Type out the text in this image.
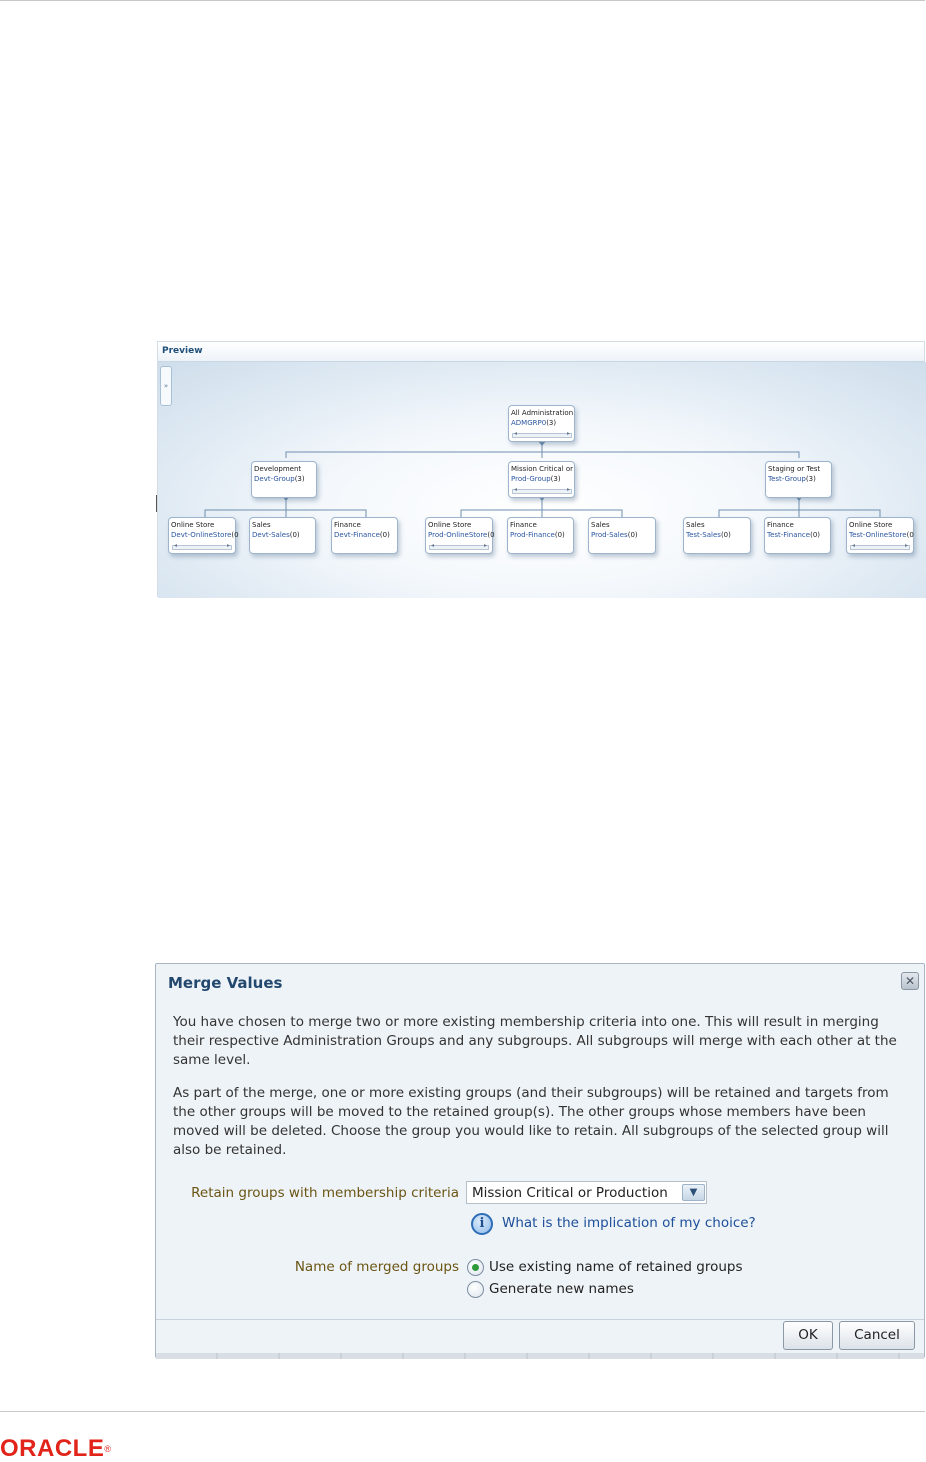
Preview
»
All Administration
ADMGRP0(3)
◂ ▸
Development
Devt-Group(3)
Mission Critical or
Prod-Group(3)
◂ ▸
Staging or Test
Test-Group(3)
Online Store
Devt-OnlineStore(0
◂ ▸
Sales
Devt-Sales(0)
Finance
Devt-Finance(0)
Online Store
Prod-OnlineStore(0
◂ ▸
Finance
Prod-Finance(0)
Sales
Prod-Sales(0)
Sales
Test-Sales(0)
Finance
Test-Finance(0)
Online Store
Test-OnlineStore(0
◂ ▸
Merge Values	✕
You have chosen to merge two or more existing membership criteria into one. This will result in merging their respective Administration Groups and any subgroups. All subgroups will merge with each other at the same level.
As part of the merge, one or more existing groups (and their subgroups) will be retained and targets from the other groups will be moved to the retained group(s). The other groups whose members have been moved will be deleted. Choose the group you would like to retain. All subgroups of the selected group will also be retained.
Retain groups with membership criteria Mission Critical or Production	▼
i	What is the implication of my choice?
Name of merged groups Use existing name of retained groups
Generate new names
OK	Cancel
ORACLE®
